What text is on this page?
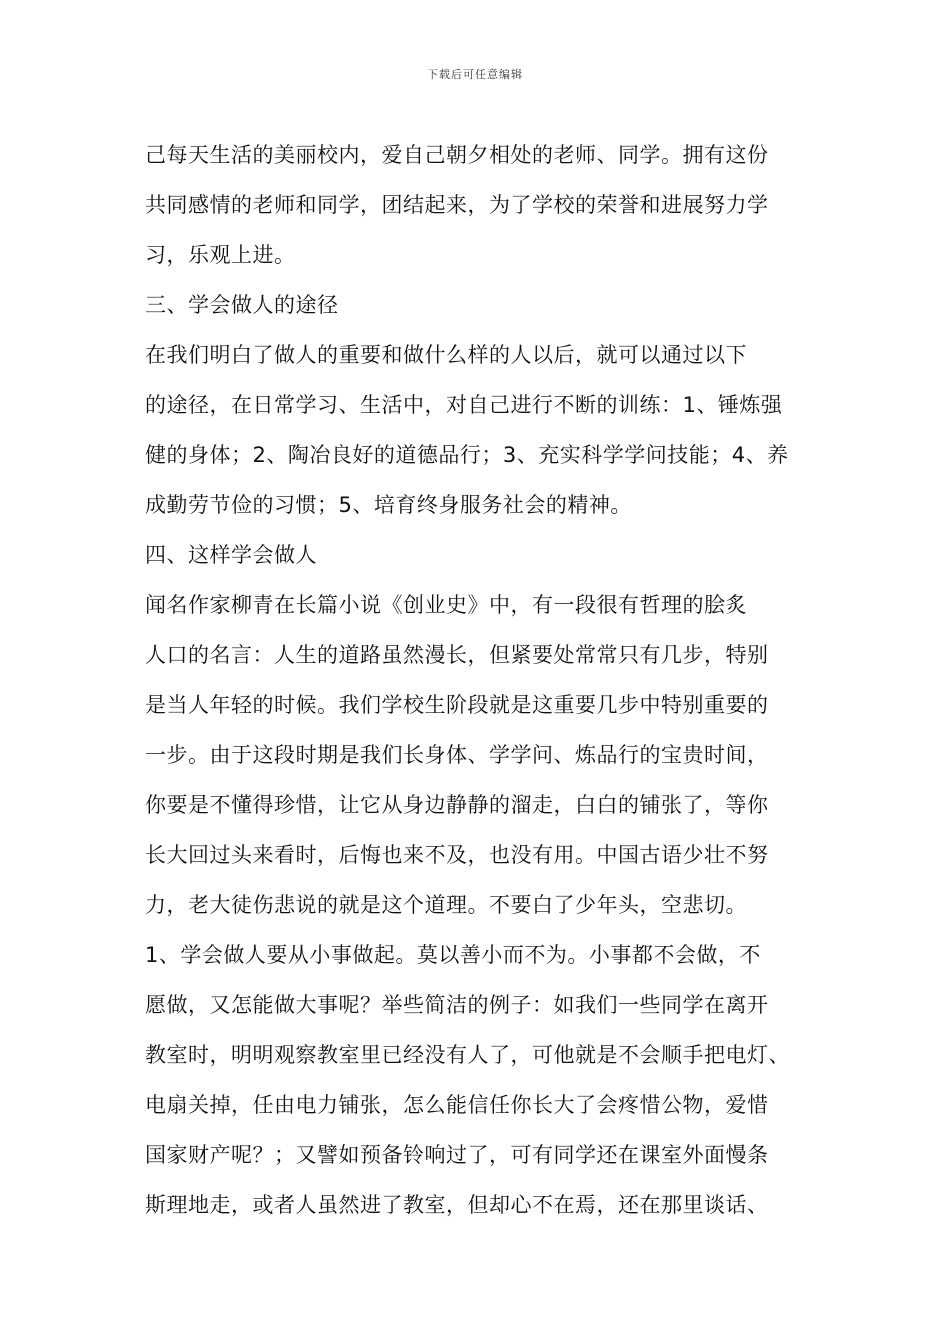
下载后可任意编辑
己每天生活的美丽校内，爱自己朝夕相处的老师、同学。拥有这份
共同感情的老师和同学，团结起来，为了学校的荣誉和进展努力学
习，乐观上进。
三、学会做人的途径
在我们明白了做人的重要和做什么样的人以后，就可以通过以下
的途径，在日常学习、生活中，对自己进行不断的训练：1、锤炼强
健的身体；2、陶冶良好的道德品行；3、充实科学学问技能；4、养
成勤劳节俭的习惯；5、培育终身服务社会的精神。
四、这样学会做人
闻名作家柳青在长篇小说《创业史》中，有一段很有哲理的脍炙
人口的名言：人生的道路虽然漫长，但紧要处常常只有几步，特别
是当人年轻的时候。我们学校生阶段就是这重要几步中特别重要的
一步。由于这段时期是我们长身体、学学问、炼品行的宝贵时间，
你要是不懂得珍惜，让它从身边静静的溜走，白白的铺张了，等你
长大回过头来看时，后悔也来不及，也没有用。中国古语少壮不努
力，老大徒伤悲说的就是这个道理。不要白了少年头，空悲切。
1、学会做人要从小事做起。莫以善小而不为。小事都不会做，不
愿做，又怎能做大事呢？举些简洁的例子：如我们一些同学在离开
教室时，明明观察教室里已经没有人了，可他就是不会顺手把电灯、
电扇关掉，任由电力铺张，怎么能信任你长大了会疼惜公物，爱惜
国家财产呢？；又譬如预备铃响过了，可有同学还在课室外面慢条
斯理地走，或者人虽然进了教室，但却心不在焉，还在那里谈话、
